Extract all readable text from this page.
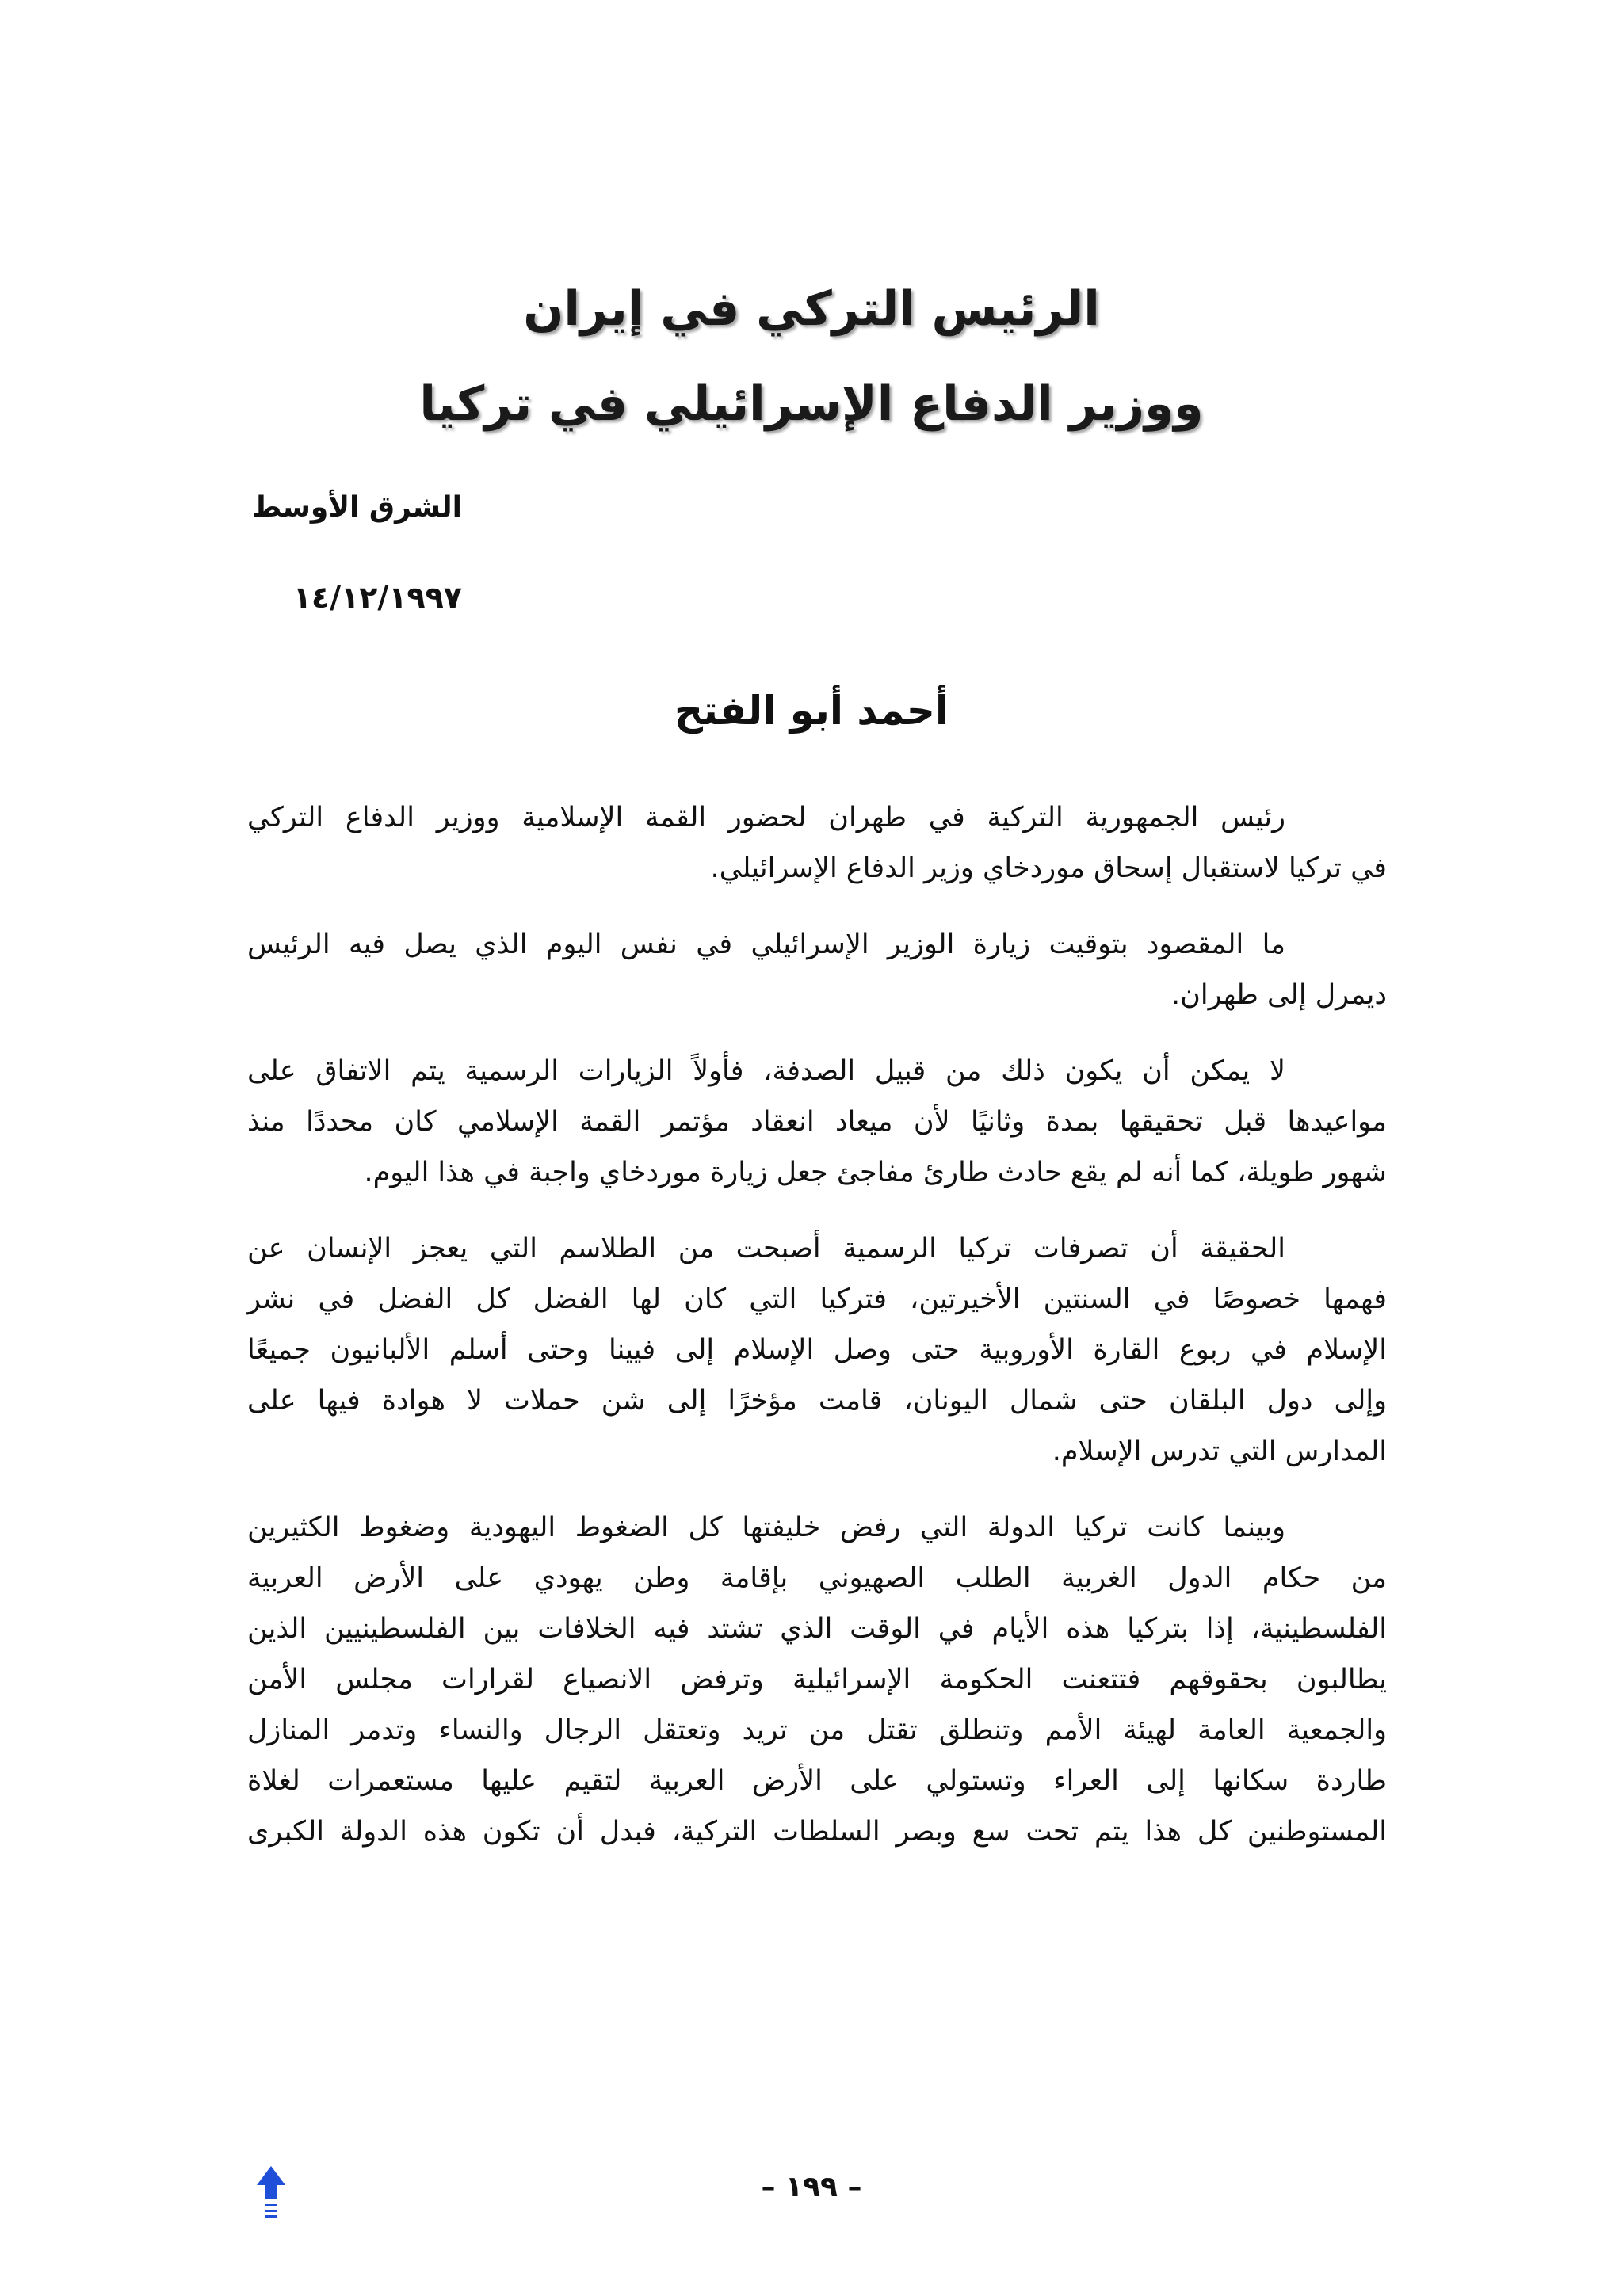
الرئيس التركي في إيران
ووزير الدفاع الإسرائيلي في تركيا
الشرق الأوسط
١٤/١٢/١٩٩٧
أحمد أبو الفتح
رئيس الجمهورية التركية في طهران لحضور القمة الإسلامية ووزير الدفاع التركي
في تركيا لاستقبال إسحاق موردخاي وزير الدفاع الإسرائيلي.
ما المقصود بتوقيت زيارة الوزير الإسرائيلي في نفس اليوم الذي يصل فيه الرئيس
ديمرل إلى طهران.
لا يمكن أن يكون ذلك من قبيل الصدفة، فأولاً الزيارات الرسمية يتم الاتفاق على
مواعيدها قبل تحقيقها بمدة وثانيًا لأن ميعاد انعقاد مؤتمر القمة الإسلامي كان محددًا منذ
شهور طويلة، كما أنه لم يقع حادث طارئ مفاجئ جعل زيارة موردخاي واجبة في هذا اليوم.
الحقيقة أن تصرفات تركيا الرسمية أصبحت من الطلاسم التي يعجز الإنسان عن
فهمها خصوصًا في السنتين الأخيرتين، فتركيا التي كان لها الفضل كل الفضل في نشر
الإسلام في ربوع القارة الأوروبية حتى وصل الإسلام إلى فيينا وحتى أسلم الألبانيون جميعًا
وإلى دول البلقان حتى شمال اليونان، قامت مؤخرًا إلى شن حملات لا هوادة فيها على
المدارس التي تدرس الإسلام.
وبينما كانت تركيا الدولة التي رفض خليفتها كل الضغوط اليهودية وضغوط الكثيرين
من حكام الدول الغربية الطلب الصهيوني بإقامة وطن يهودي على الأرض العربية
الفلسطينية، إذا بتركيا هذه الأيام في الوقت الذي تشتد فيه الخلافات بين الفلسطينيين الذين
يطالبون بحقوقهم فتتعنت الحكومة الإسرائيلية وترفض الانصياع لقرارات مجلس الأمن
والجمعية العامة لهيئة الأمم وتنطلق تقتل من تريد وتعتقل الرجال والنساء وتدمر المنازل
طاردة سكانها إلى العراء وتستولي على الأرض العربية لتقيم عليها مستعمرات لغلاة
المستوطنين كل هذا يتم تحت سع وبصر السلطات التركية، فبدل أن تكون هذه الدولة الكبرى
– ١٩٩ –
